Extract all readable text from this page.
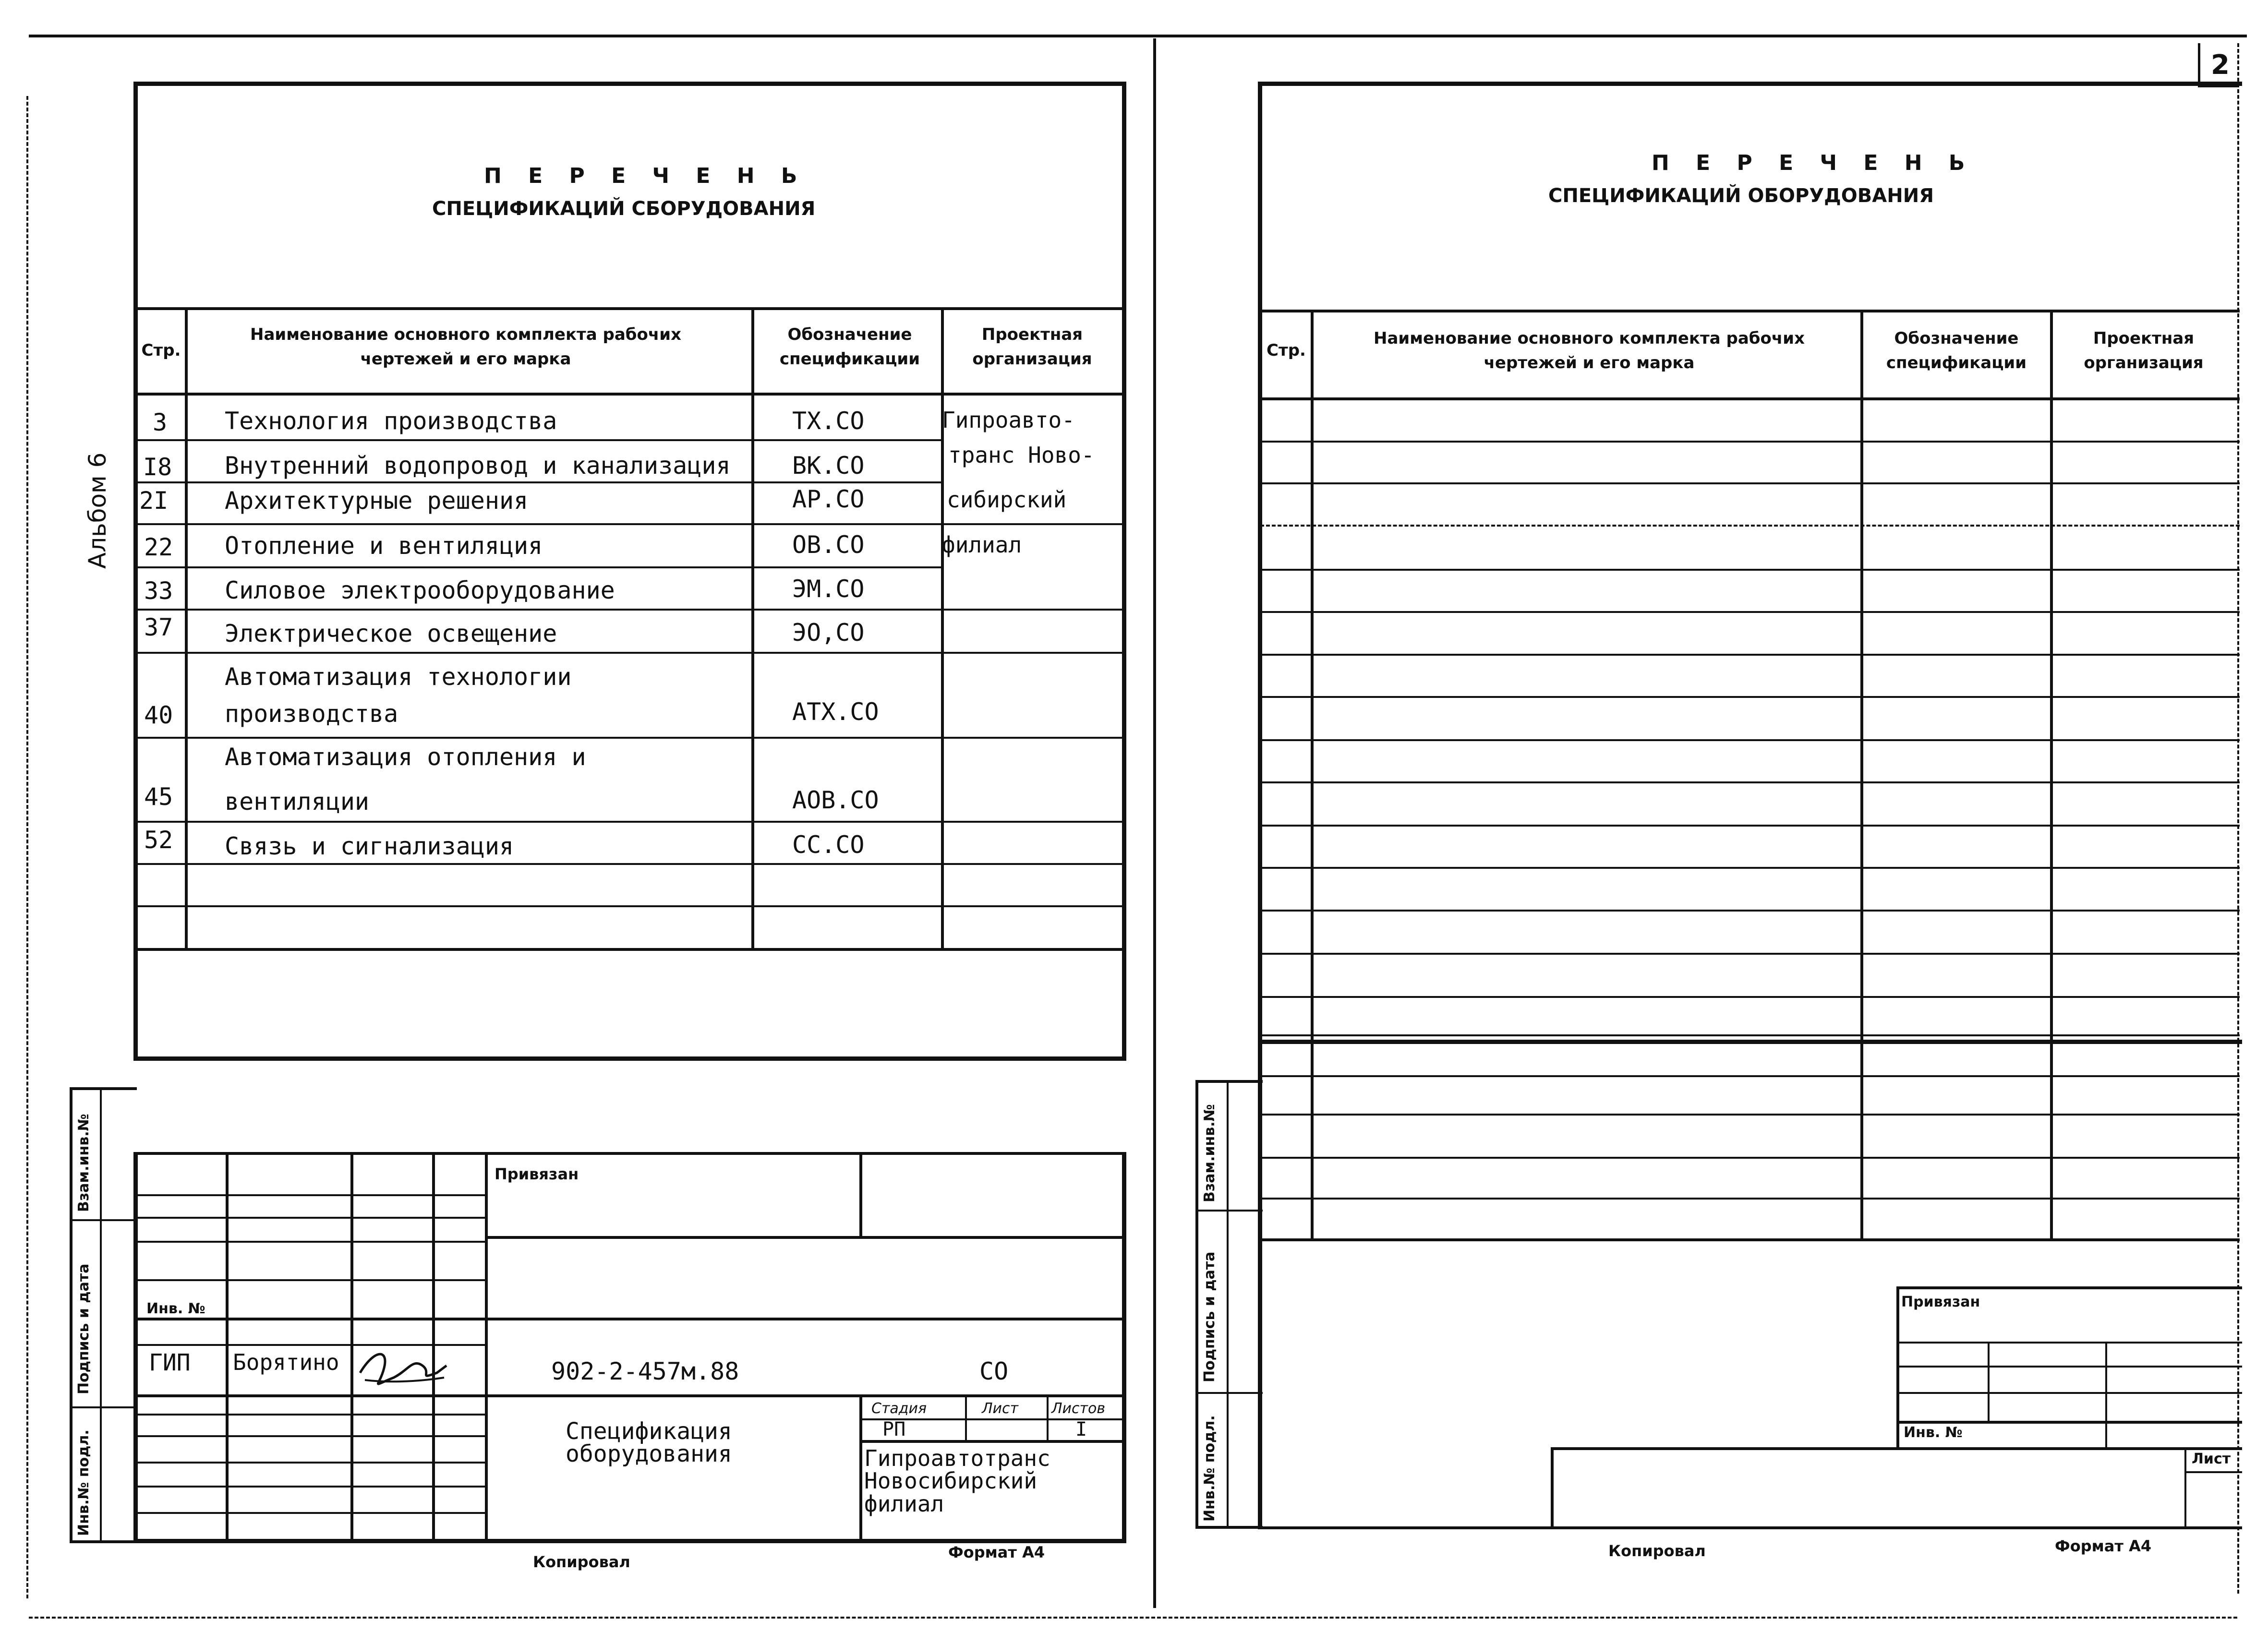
2
Альбом 6
П Е Р Е Ч Е Н Ь
СПЕЦИФИКАЦИЙ СБОРУДОВАНИЯ
Стр.
Наименование основного комплекта рабочих чертежей и его марка
Обозначение спецификации
Проектная организация
3 Технология производства	ТХ.СО	Гипроавто-
I8 Внутренний водопровод и канализация	ВК.СО	транс Ново-
2I Архитектурные решения	АР.СО	сибирский
22 Отопление и вентиляция	ОВ.СО	филиал
33 Силовое электрооборудование	ЭМ.СО
37 Электрическое освещение	ЭО,СО
Автоматизация технологии
40 производства	АТХ.СО
Автоматизация отопления и
45 вентиляции	АОВ.СО
52 Связь и сигнализация	СС.СО
Взам.инв.№
Подпись и дата
Инв.№ подл.
Привязан
Инв. №
ГИП Борятино	902-2-457м.88	СО
Спецификация
оборудования
Стадия	Лист Листов
РП	I
Гипроавтотранс
Новосибирский
филиал
Копировал
Формат А4
П Е Р Е Ч Е Н Ь
СПЕЦИФИКАЦИЙ ОБОРУДОВАНИЯ
Стр.
Наименование основного комплекта рабочих чертежей и его марка
Обозначение спецификации
Проектная организация
Взам.инв.№
Подпись и дата
Инв.№ подл.
Привязан
Инв. №
Лист
Копировал	Формат А4
